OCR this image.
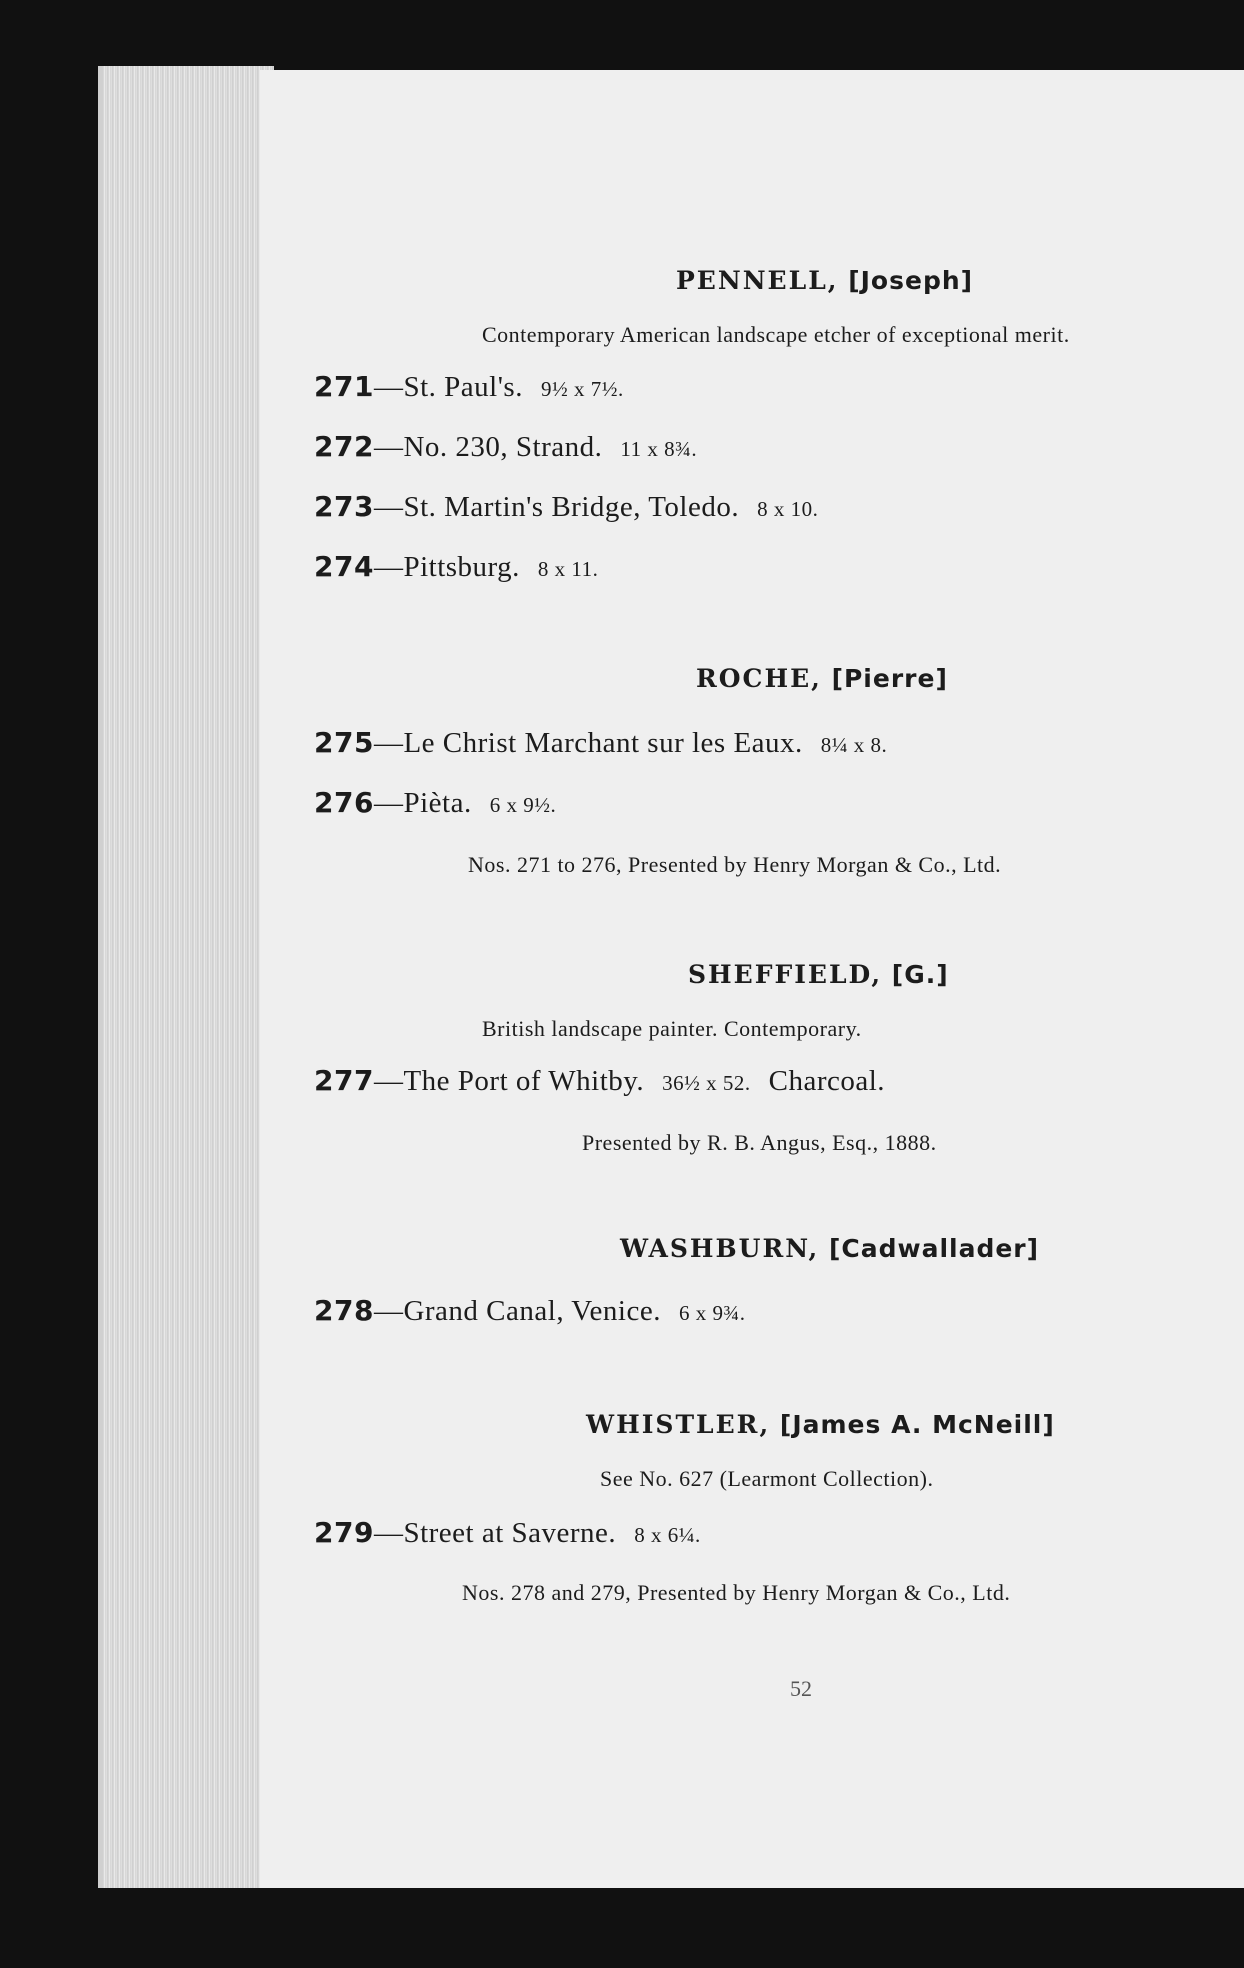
PENNELL, [Joseph]
Contemporary American landscape etcher of exceptional merit.
271—St. Paul's. 9½ x 7½.
272—No. 230, Strand. 11 x 8¾.
273—St. Martin's Bridge, Toledo. 8 x 10.
274—Pittsburg. 8 x 11.
ROCHE, [Pierre]
275—Le Christ Marchant sur les Eaux. 8¼ x 8.
276—Pièta. 6 x 9½.
Nos. 271 to 276, Presented by Henry Morgan & Co., Ltd.
SHEFFIELD, [G.]
British landscape painter. Contemporary.
277—The Port of Whitby. 36½ x 52. Charcoal.
Presented by R. B. Angus, Esq., 1888.
WASHBURN, [Cadwallader]
278—Grand Canal, Venice. 6 x 9¾.
WHISTLER, [James A. McNeill]
See No. 627 (Learmont Collection).
279—Street at Saverne. 8 x 6¼.
Nos. 278 and 279, Presented by Henry Morgan & Co., Ltd.
52
